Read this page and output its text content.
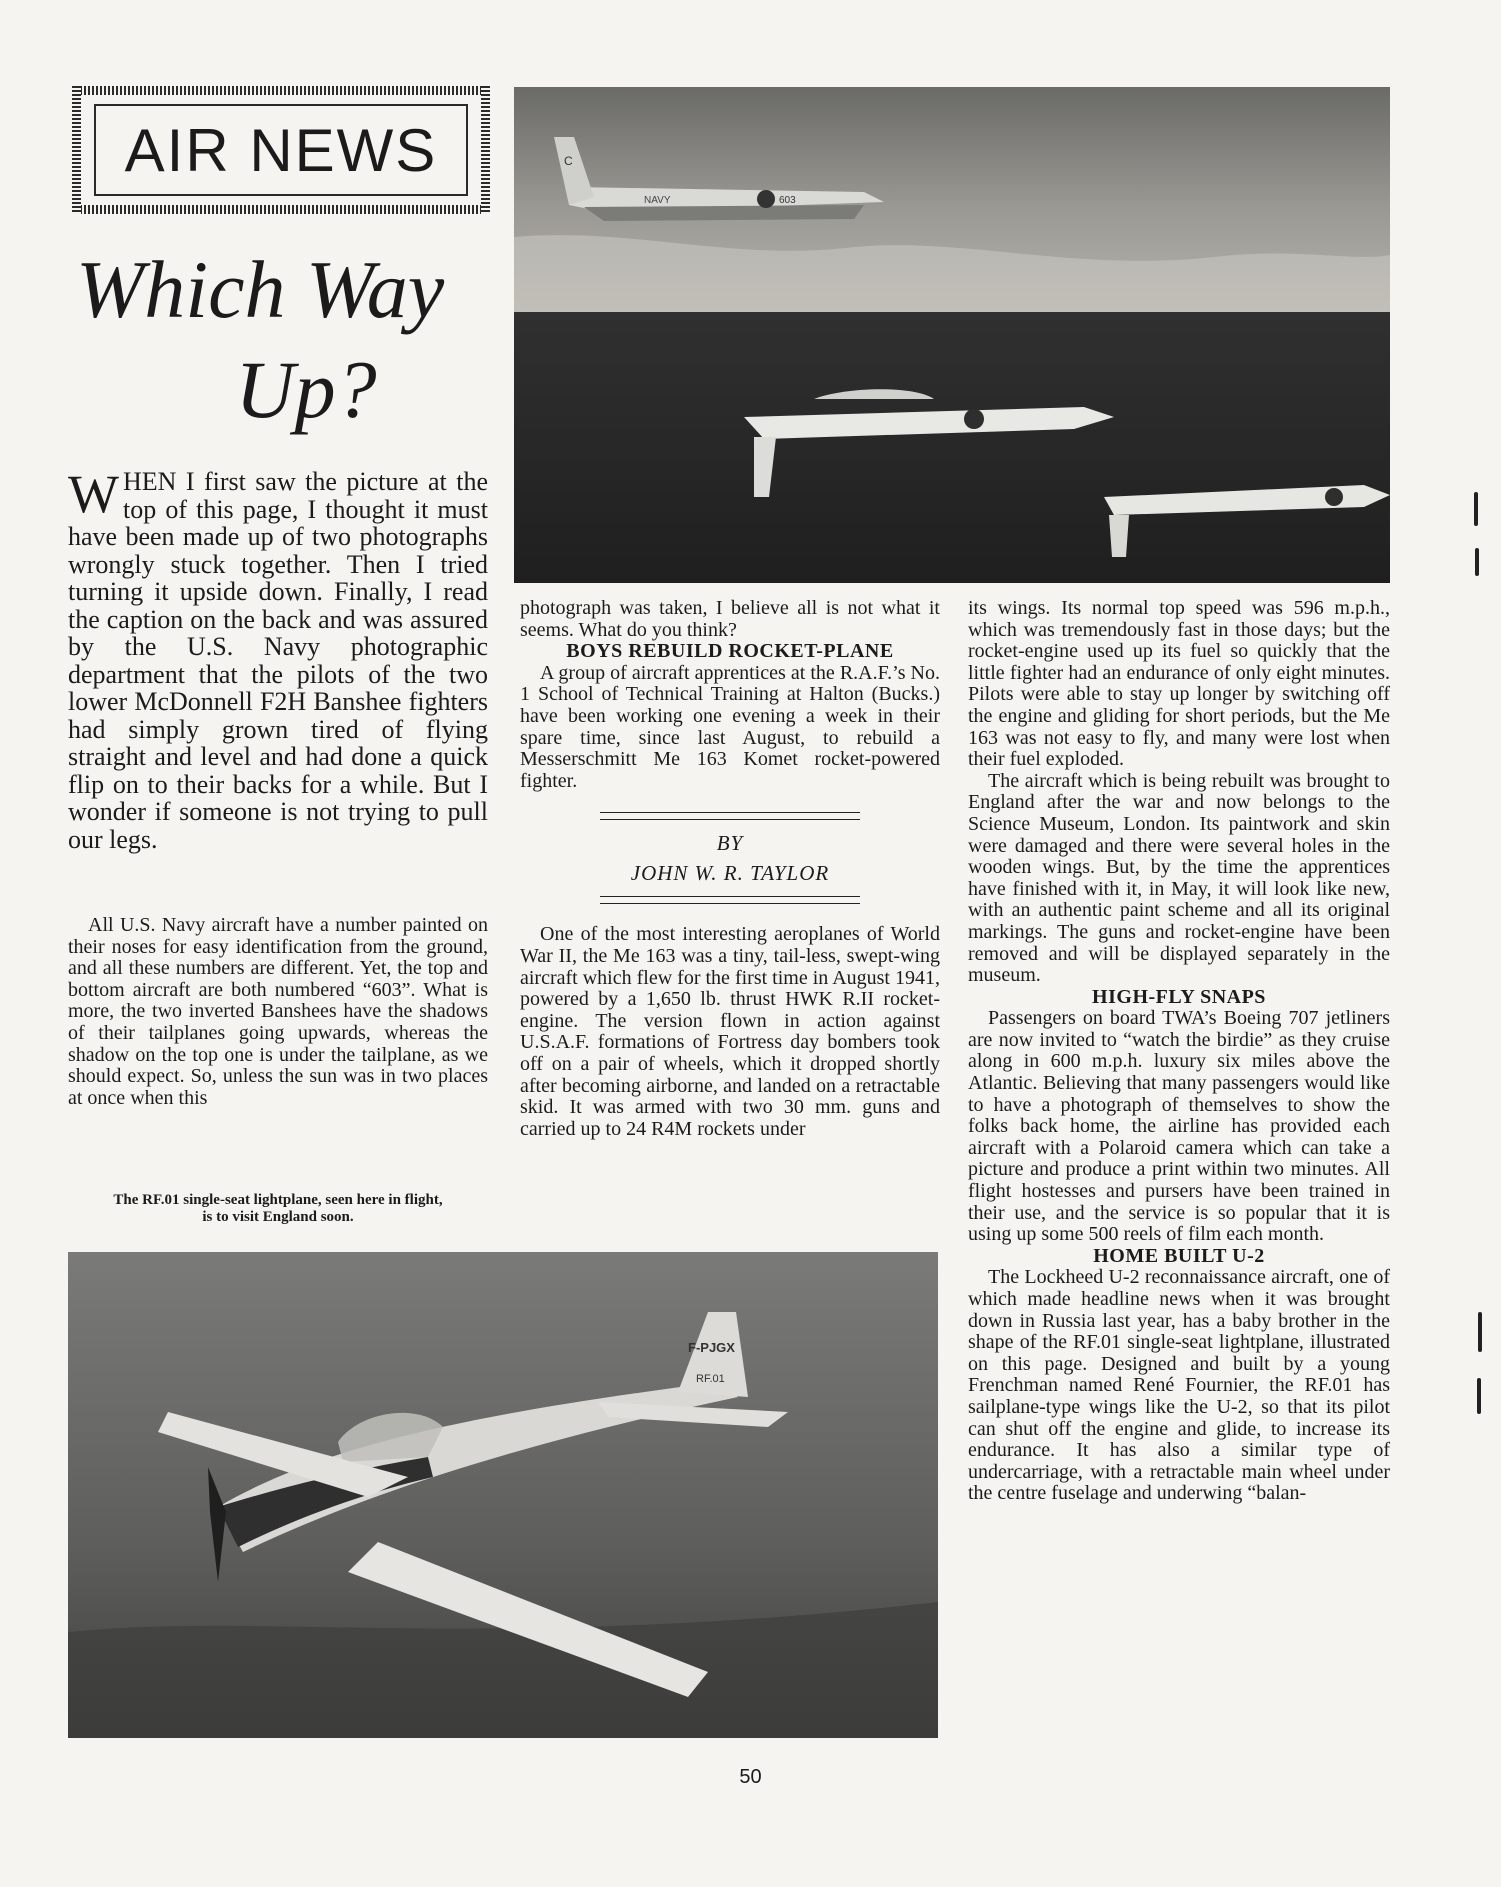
AIR NEWS
Which Way
Up?
WHEN I first saw the picture at the top of this page, I thought it must have been made up of two photographs wrongly stuck together. Then I tried turning it upside down. Finally, I read the caption on the back and was assured by the U.S. Navy photographic department that the pilots of the two lower McDonnell F2H Banshee fighters had simply grown tired of flying straight and level and had done a quick flip on to their backs for a while. But I wonder if someone is not trying to pull our legs.

All U.S. Navy aircraft have a number painted on their noses for easy identification from the ground, and all these numbers are different. Yet, the top and bottom aircraft are both numbered “603”. What is more, the two inverted Banshees have the shadows of their tailplanes going upwards, whereas the shadow on the top one is under the tailplane, as we should expect. So, unless the sun was in two places at once when this

The RF.01 single-seat lightplane, seen here in flight,
is to visit England soon.

photograph was taken, I believe all is not what it seems. What do you think?

BOYS REBUILD ROCKET-PLANE

A group of aircraft apprentices at the R.A.F.’s No. 1 School of Technical Training at Halton (Bucks.) have been working one evening a week in their spare time, since last August, to rebuild a Messerschmitt Me 163 Komet rocket-powered fighter.

BY
JOHN W. R. TAYLOR

One of the most interesting aeroplanes of World War II, the Me 163 was a tiny, tail-less, swept-wing aircraft which flew for the first time in August 1941, powered by a 1,650 lb. thrust HWK R.II rocket-engine. The version flown in action against U.S.A.F. formations of Fortress day bombers took off on a pair of wheels, which it dropped shortly after becoming airborne, and landed on a retractable skid. It was armed with two 30 mm. guns and carried up to 24 R4M rockets under

its wings. Its normal top speed was 596 m.p.h., which was tremendously fast in those days; but the rocket-engine used up its fuel so quickly that the little fighter had an endurance of only eight minutes. Pilots were able to stay up longer by switching off the engine and gliding for short periods, but the Me 163 was not easy to fly, and many were lost when their fuel exploded.

The aircraft which is being rebuilt was brought to England after the war and now belongs to the Science Museum, London. Its paintwork and skin were damaged and there were several holes in the wooden wings. But, by the time the apprentices have finished with it, in May, it will look like new, with an authentic paint scheme and all its original markings. The guns and rocket-engine have been removed and will be displayed separately in the museum.

HIGH-FLY SNAPS

Passengers on board TWA’s Boeing 707 jetliners are now invited to “watch the birdie” as they cruise along in 600 m.p.h. luxury six miles above the Atlantic. Believing that many passengers would like to have a photograph of themselves to show the folks back home, the airline has provided each aircraft with a Polaroid camera which can take a picture and produce a print within two minutes. All flight hostesses and pursers have been trained in their use, and the service is so popular that it is using up some 500 reels of film each month.

HOME BUILT U-2

The Lockheed U-2 reconnaissance aircraft, one of which made headline news when it was brought down in Russia last year, has a baby brother in the shape of the RF.01 single-seat lightplane, illustrated on this page. Designed and built by a young Frenchman named René Fournier, the RF.01 has sailplane-type wings like the U-2, so that its pilot can shut off the engine and glide, to increase its endurance. It has also a similar type of undercarriage, with a retractable main wheel under the centre fuselage and underwing “balan-

NAVY	603
C
F-PJGX
RF.01
50
